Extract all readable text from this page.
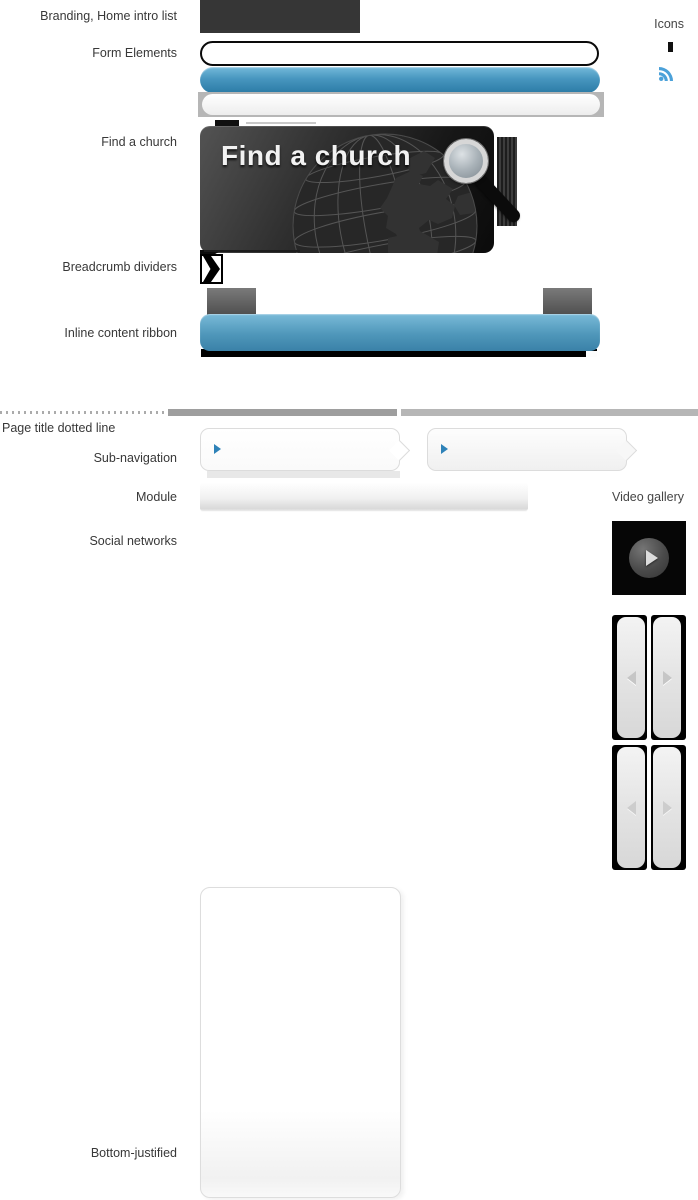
Branding, Home intro list
Form Elements
Find a church
Breadcrumb dividers
Inline content ribbon
Page title dotted line
Sub-navigation
Module
Social networks
Bottom-justified
Icons
Video gallery
Find a church
